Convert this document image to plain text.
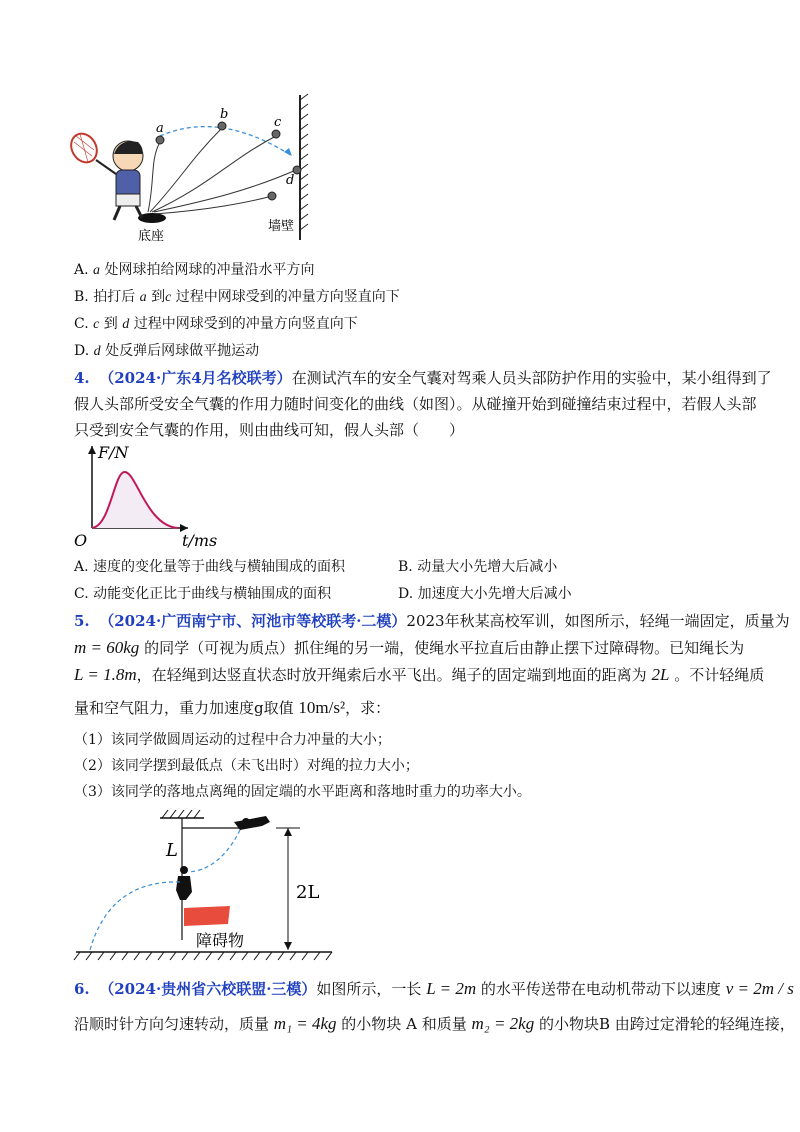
a
b
c
d
底座
墙壁
A. a 处网球拍给网球的冲量沿水平方向
B. 拍打后 a 到c 过程中网球受到的冲量方向竖直向下
C. c 到 d 过程中网球受到的冲量方向竖直向下
D. d 处反弹后网球做平抛运动
4. （2024·广东4月名校联考）在测试汽车的安全气囊对驾乘人员头部防护作用的实验中，某小组得到了
假人头部所受安全气囊的作用力随时间变化的曲线（如图）。从碰撞开始到碰撞结束过程中，若假人头部
只受到安全气囊的作用，则由曲线可知，假人头部（　　）
F/N
t/ms
O
A. 速度的变化量等于曲线与横轴围成的面积	B. 动量大小先增大后减小
C. 动能变化正比于曲线与横轴围成的面积	D. 加速度大小先增大后减小
5. （2024·广西南宁市、河池市等校联考·二模）2023年秋某高校军训，如图所示，轻绳一端固定，质量为
m = 60kg 的同学（可视为质点）抓住绳的另一端，使绳水平拉直后由静止摆下过障碍物。已知绳长为
L = 1.8m，在轻绳到达竖直状态时放开绳索后水平飞出。绳子的固定端到地面的距离为 2L 。不计轻绳质
量和空气阻力，重力加速度g取值 10m/s²，求：
（1）该同学做圆周运动的过程中合力冲量的大小；
（2）该同学摆到最低点（未飞出时）对绳的拉力大小；
（3）该同学的落地点离绳的固定端的水平距离和落地时重力的功率大小。
L
2L
障碍物
6. （2024·贵州省六校联盟·三模）如图所示，一长 L = 2m 的水平传送带在电动机带动下以速度 v = 2m / s
沿顺时针方向匀速转动，质量 m₁ = 4kg 的小物块 A 和质量 m₂ = 2kg 的小物块B 由跨过定滑轮的轻绳连接，
